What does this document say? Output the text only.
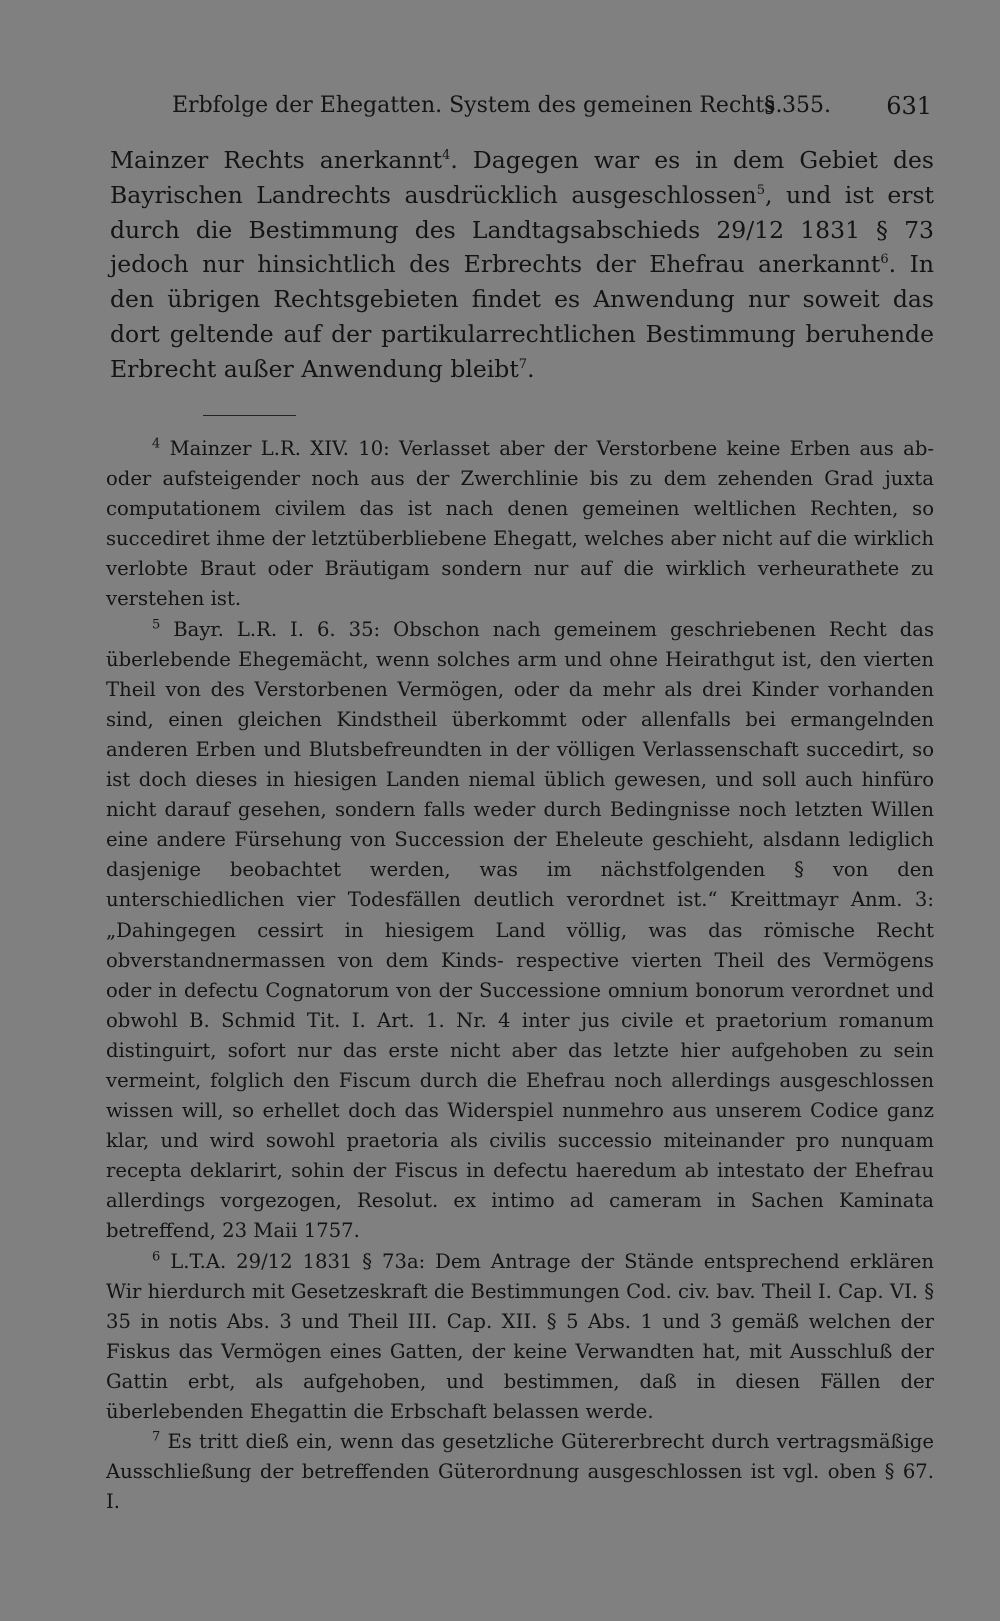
Erbfolge der Ehegatten. System des gemeinen Rechts.
§ 355. 631

Mainzer Rechts anerkannt$^4$. Dagegen war es in dem Gebiet des Bayrischen Landrechts ausdrücklich ausgeschlossen$^5$, und ist erst durch die Bestimmung des Landtagsabschieds 29/12 1831 § 73 jedoch nur hinsichtlich des Erbrechts der Ehefrau anerkannt$^6$. In den übrigen Rechtsgebieten findet es Anwendung nur soweit das dort geltende auf der partikularrechtlichen Bestimmung beruhende Erbrecht außer Anwendung bleibt$^7$.

$^4$ Mainzer L.R. XIV. 10: Verlasset aber der Verstorbene keine Erben aus ab- oder aufsteigender noch aus der Zwerchlinie bis zu dem zehenden Grad juxta computationem civilem das ist nach denen gemeinen weltlichen Rechten, so succediret ihme der letztüberbliebene Ehegatt, welches aber nicht auf die wirklich verlobte Braut oder Bräutigam sondern nur auf die wirklich verheurathete zu verstehen ist.

$^5$ Bayr. L.R. I. 6. 35: Obschon nach gemeinem geschriebenen Recht das überlebende Ehegemächt, wenn solches arm und ohne Heirathgut ist, den vierten Theil von des Verstorbenen Vermögen, oder da mehr als drei Kinder vorhanden sind, einen gleichen Kindstheil überkommt oder allenfalls bei ermangelnden anderen Erben und Blutsbefreundten in der völligen Verlassenschaft succedirt, so ist doch dieses in hiesigen Landen niemal üblich gewesen, und soll auch hinfüro nicht darauf gesehen, sondern falls weder durch Bedingnisse noch letzten Willen eine andere Fürsehung von Succession der Eheleute geschieht, alsdann lediglich dasjenige beobachtet werden, was im nächstfolgenden § von den unterschiedlichen vier Todesfällen deutlich verordnet ist.“ Kreittmayr Anm. 3: „Dahingegen cessirt in hiesigem Land völlig, was das römische Recht obverstandnermassen von dem Kinds- respective vierten Theil des Vermögens oder in defectu Cognatorum von der Successione omnium bonorum verordnet und obwohl B. Schmid Tit. I. Art. 1. Nr. 4 inter jus civile et praetorium romanum distinguirt, sofort nur das erste nicht aber das letzte hier aufgehoben zu sein vermeint, folglich den Fiscum durch die Ehefrau noch allerdings ausgeschlossen wissen will, so erhellet doch das Widerspiel nunmehro aus unserem Codice ganz klar, und wird sowohl praetoria als civilis successio miteinander pro nunquam recepta deklarirt, sohin der Fiscus in defectu haeredum ab intestato der Ehefrau allerdings vorgezogen, Resolut. ex intimo ad cameram in Sachen Kaminata betreffend, 23 Maii 1757.

$^6$ L.T.A. 29/12 1831 § 73a: Dem Antrage der Stände entsprechend erklären Wir hierdurch mit Gesetzeskraft die Bestimmungen Cod. civ. bav. Theil I. Cap. VI. § 35 in notis Abs. 3 und Theil III. Cap. XII. § 5 Abs. 1 und 3 gemäß welchen der Fiskus das Vermögen eines Gatten, der keine Verwandten hat, mit Ausschluß der Gattin erbt, als aufgehoben, und bestimmen, daß in diesen Fällen der überlebenden Ehegattin die Erbschaft belassen werde.

$^7$ Es tritt dieß ein, wenn das gesetzliche Gütererbrecht durch vertragsmäßige Ausschließung der betreffenden Güterordnung ausgeschlossen ist vgl. oben § 67. I.
